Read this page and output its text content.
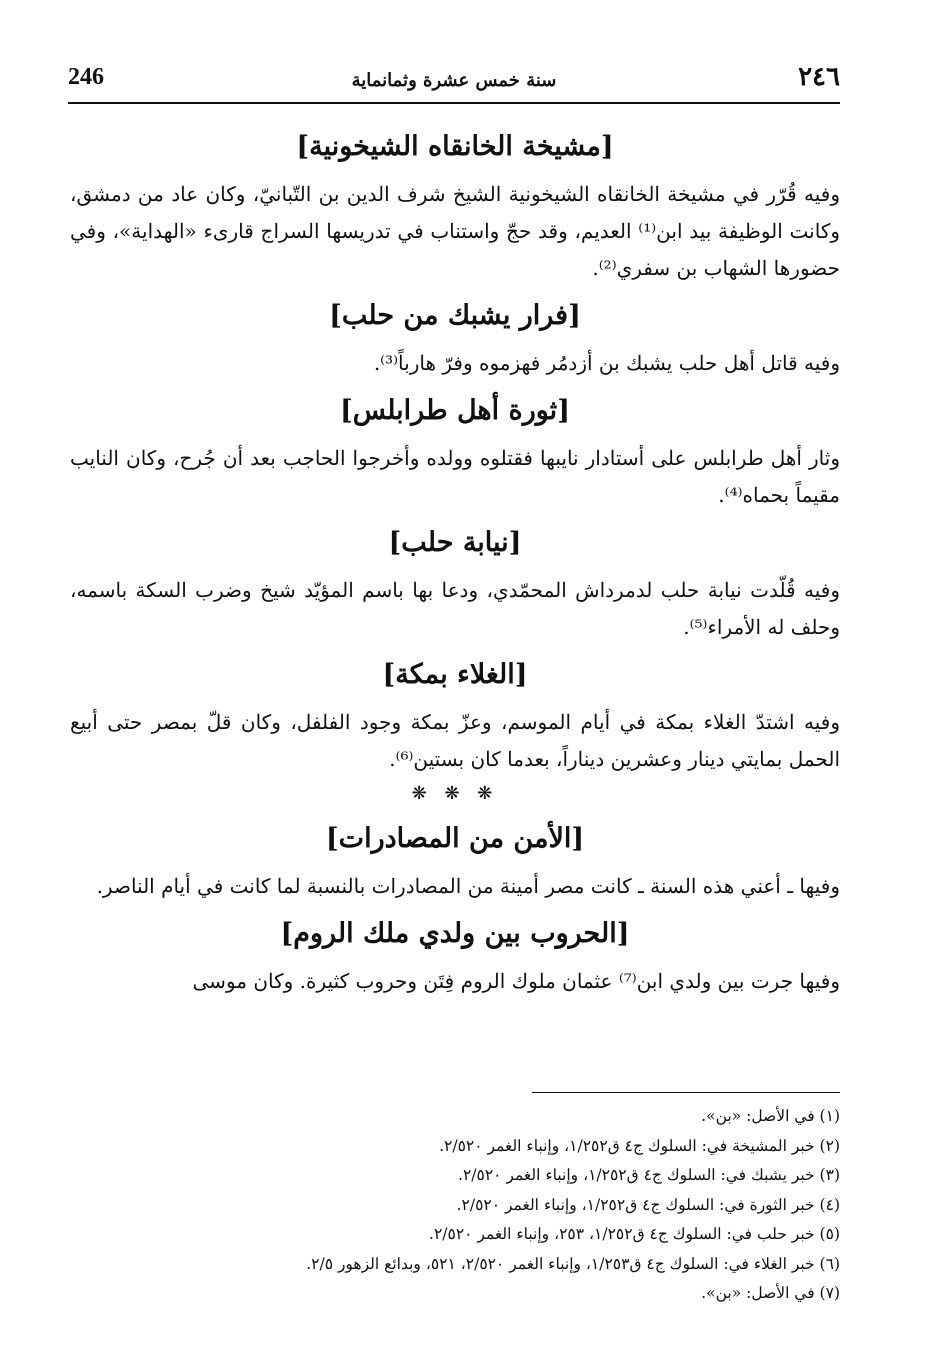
٢٤٦
سنة خمس عشرة وثمانماية
246
[مشيخة الخانقاه الشيخونية]

وفيه قُرّر في مشيخة الخانقاه الشيخونية الشيخ شرف الدين بن التّبانيّ، وكان عاد من دمشق، وكانت الوظيفة بيد ابن⁽¹⁾ العديم، وقد حجّ واستناب في تدريسها السراج قارىء «الهداية»، وفي حضورها الشهاب بن سفري⁽²⁾.

[فرار يشبك من حلب]

وفيه قاتل أهل حلب يشبك بن أزدمُر فهزموه وفرّ هارباً⁽³⁾.

[ثورة أهل طرابلس]

وثار أهل طرابلس على أستادار نايبها فقتلوه وولده وأخرجوا الحاجب بعد أن جُرح، وكان النايب مقيماً بحماه⁽⁴⁾.

[نيابة حلب]

وفيه قُلّدت نيابة حلب لدمرداش المحمّدي، ودعا بها باسم المؤيّد شيخ وضرب السكة باسمه، وحلف له الأمراء⁽⁵⁾.

[الغلاء بمكة]

وفيه اشتدّ الغلاء بمكة في أيام الموسم، وعزّ بمكة وجود الفلفل، وكان قلّ بمصر حتى أبيع الحمل بمايتي دينار وعشرين ديناراً، بعدما كان بستين⁽⁶⁾.

❋ ❋ ❋
[الأمن من المصادرات]

وفيها ـ أعني هذه السنة ـ كانت مصر أمينة من المصادرات بالنسبة لما كانت في أيام الناصر.

[الحروب بين ولدي ملك الروم]

وفيها جرت بين ولدي ابن⁽⁷⁾ عثمان ملوك الروم فِتَن وحروب كثيرة. وكان موسى

(١) في الأصل: «بن».
(٢) خبر المشيخة في: السلوك ج٤ ق١/٢٥٢، وإنباء الغمر ٢/٥٢٠.
(٣) خبر يشبك في: السلوك ج٤ ق١/٢٥٢، وإنباء الغمر ٢/٥٢٠.
(٤) خبر الثورة في: السلوك ج٤ ق١/٢٥٢، وإنباء الغمر ٢/٥٢٠.
(٥) خبر حلب في: السلوك ج٤ ق١/٢٥٢، ٢٥٣، وإنباء الغمر ٢/٥٢٠.
(٦) خبر الغلاء في: السلوك ج٤ ق١/٢٥٣، وإنباء الغمر ٢/٥٢٠، ٥٢١، وبدائع الزهور ٢/٥.
(٧) في الأصل: «بن».
